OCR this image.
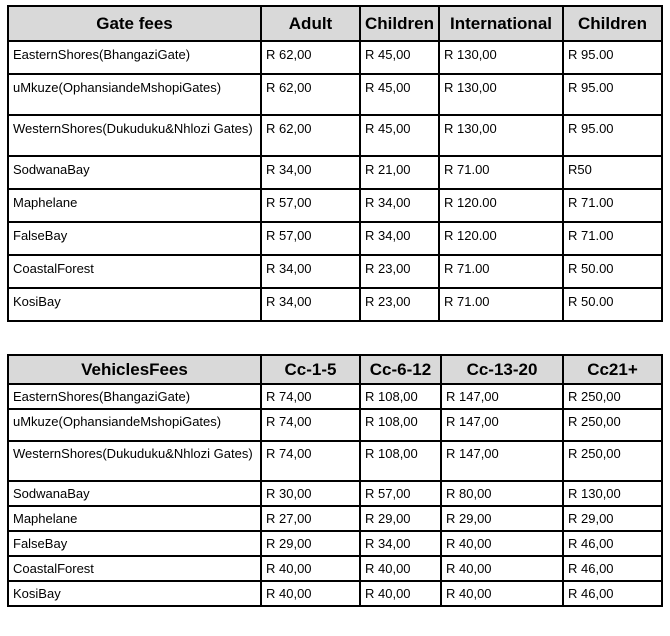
Gate fees	Adult	Children	International	Children
EasternShores(BhangaziGate)	R 62,00	R 45,00	R 130,00	R 95.00
uMkuze(OphansiandeMshopiGates)	R 62,00	R 45,00	R 130,00	R 95.00
WesternShores(Dukuduku&Nhlozi Gates)	R 62,00	R 45,00	R 130,00	R 95.00
SodwanaBay	R 34,00	R 21,00	R 71.00	R50
Maphelane	R 57,00	R 34,00	R 120.00	R 71.00
FalseBay	R 57,00	R 34,00	R 120.00	R 71.00
CoastalForest	R 34,00	R 23,00	R 71.00	R 50.00
KosiBay	R 34,00	R 23,00	R 71.00	R 50.00
VehiclesFees	Cc-1-5	Cc-6-12	Cc-13-20	Cc21+
EasternShores(BhangaziGate)	R 74,00	R 108,00	R 147,00	R 250,00
uMkuze(OphansiandeMshopiGates)	R 74,00	R 108,00	R 147,00	R 250,00
WesternShores(Dukuduku&Nhlozi Gates)	R 74,00	R 108,00	R 147,00	R 250,00
SodwanaBay	R 30,00	R 57,00	R 80,00	R 130,00
Maphelane	R 27,00	R 29,00	R 29,00	R 29,00
FalseBay	R 29,00	R 34,00	R 40,00	R 46,00
CoastalForest	R 40,00	R 40,00	R 40,00	R 46,00
KosiBay	R 40,00	R 40,00	R 40,00	R 46,00
